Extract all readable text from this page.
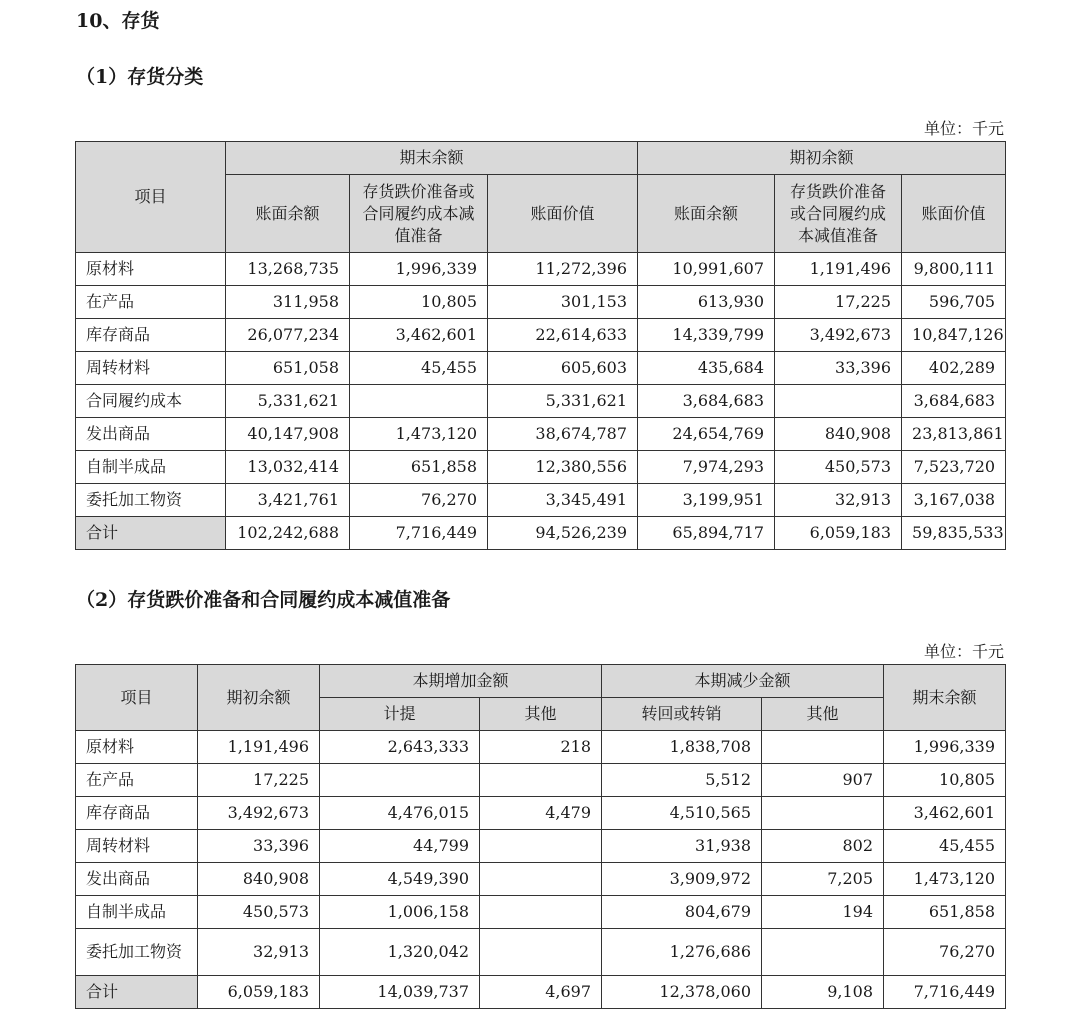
10、存货
（1）存货分类
单位：千元
项目	期末余额			期初余额		
	账面余额	存货跌价准备或合同履约成本减值准备	账面价值	账面余额	存货跌价准备或合同履约成本减值准备	账面价值
原材料	13,268,735	1,996,339	11,272,396	10,991,607	1,191,496	9,800,111
在产品	311,958	10,805	301,153	613,930	17,225	596,705
库存商品	26,077,234	3,462,601	22,614,633	14,339,799	3,492,673	10,847,126
周转材料	651,058	45,455	605,603	435,684	33,396	402,289
合同履约成本	5,331,621		5,331,621	3,684,683		3,684,683
发出商品	40,147,908	1,473,120	38,674,787	24,654,769	840,908	23,813,861
自制半成品	13,032,414	651,858	12,380,556	7,974,293	450,573	7,523,720
委托加工物资	3,421,761	76,270	3,345,491	3,199,951	32,913	3,167,038
合计	102,242,688	7,716,449	94,526,239	65,894,717	6,059,183	59,835,533
（2）存货跌价准备和合同履约成本减值准备
单位：千元
项目	期初余额	本期增加金额		本期减少金额		期末余额
		计提	其他	转回或转销	其他	
原材料	1,191,496	2,643,333	218	1,838,708		1,996,339
在产品	17,225			5,512	907	10,805
库存商品	3,492,673	4,476,015	4,479	4,510,565		3,462,601
周转材料	33,396	44,799		31,938	802	45,455
发出商品	840,908	4,549,390		3,909,972	7,205	1,473,120
自制半成品	450,573	1,006,158		804,679	194	651,858
委托加工物资	32,913	1,320,042		1,276,686		76,270
合计	6,059,183	14,039,737	4,697	12,378,060	9,108	7,716,449
